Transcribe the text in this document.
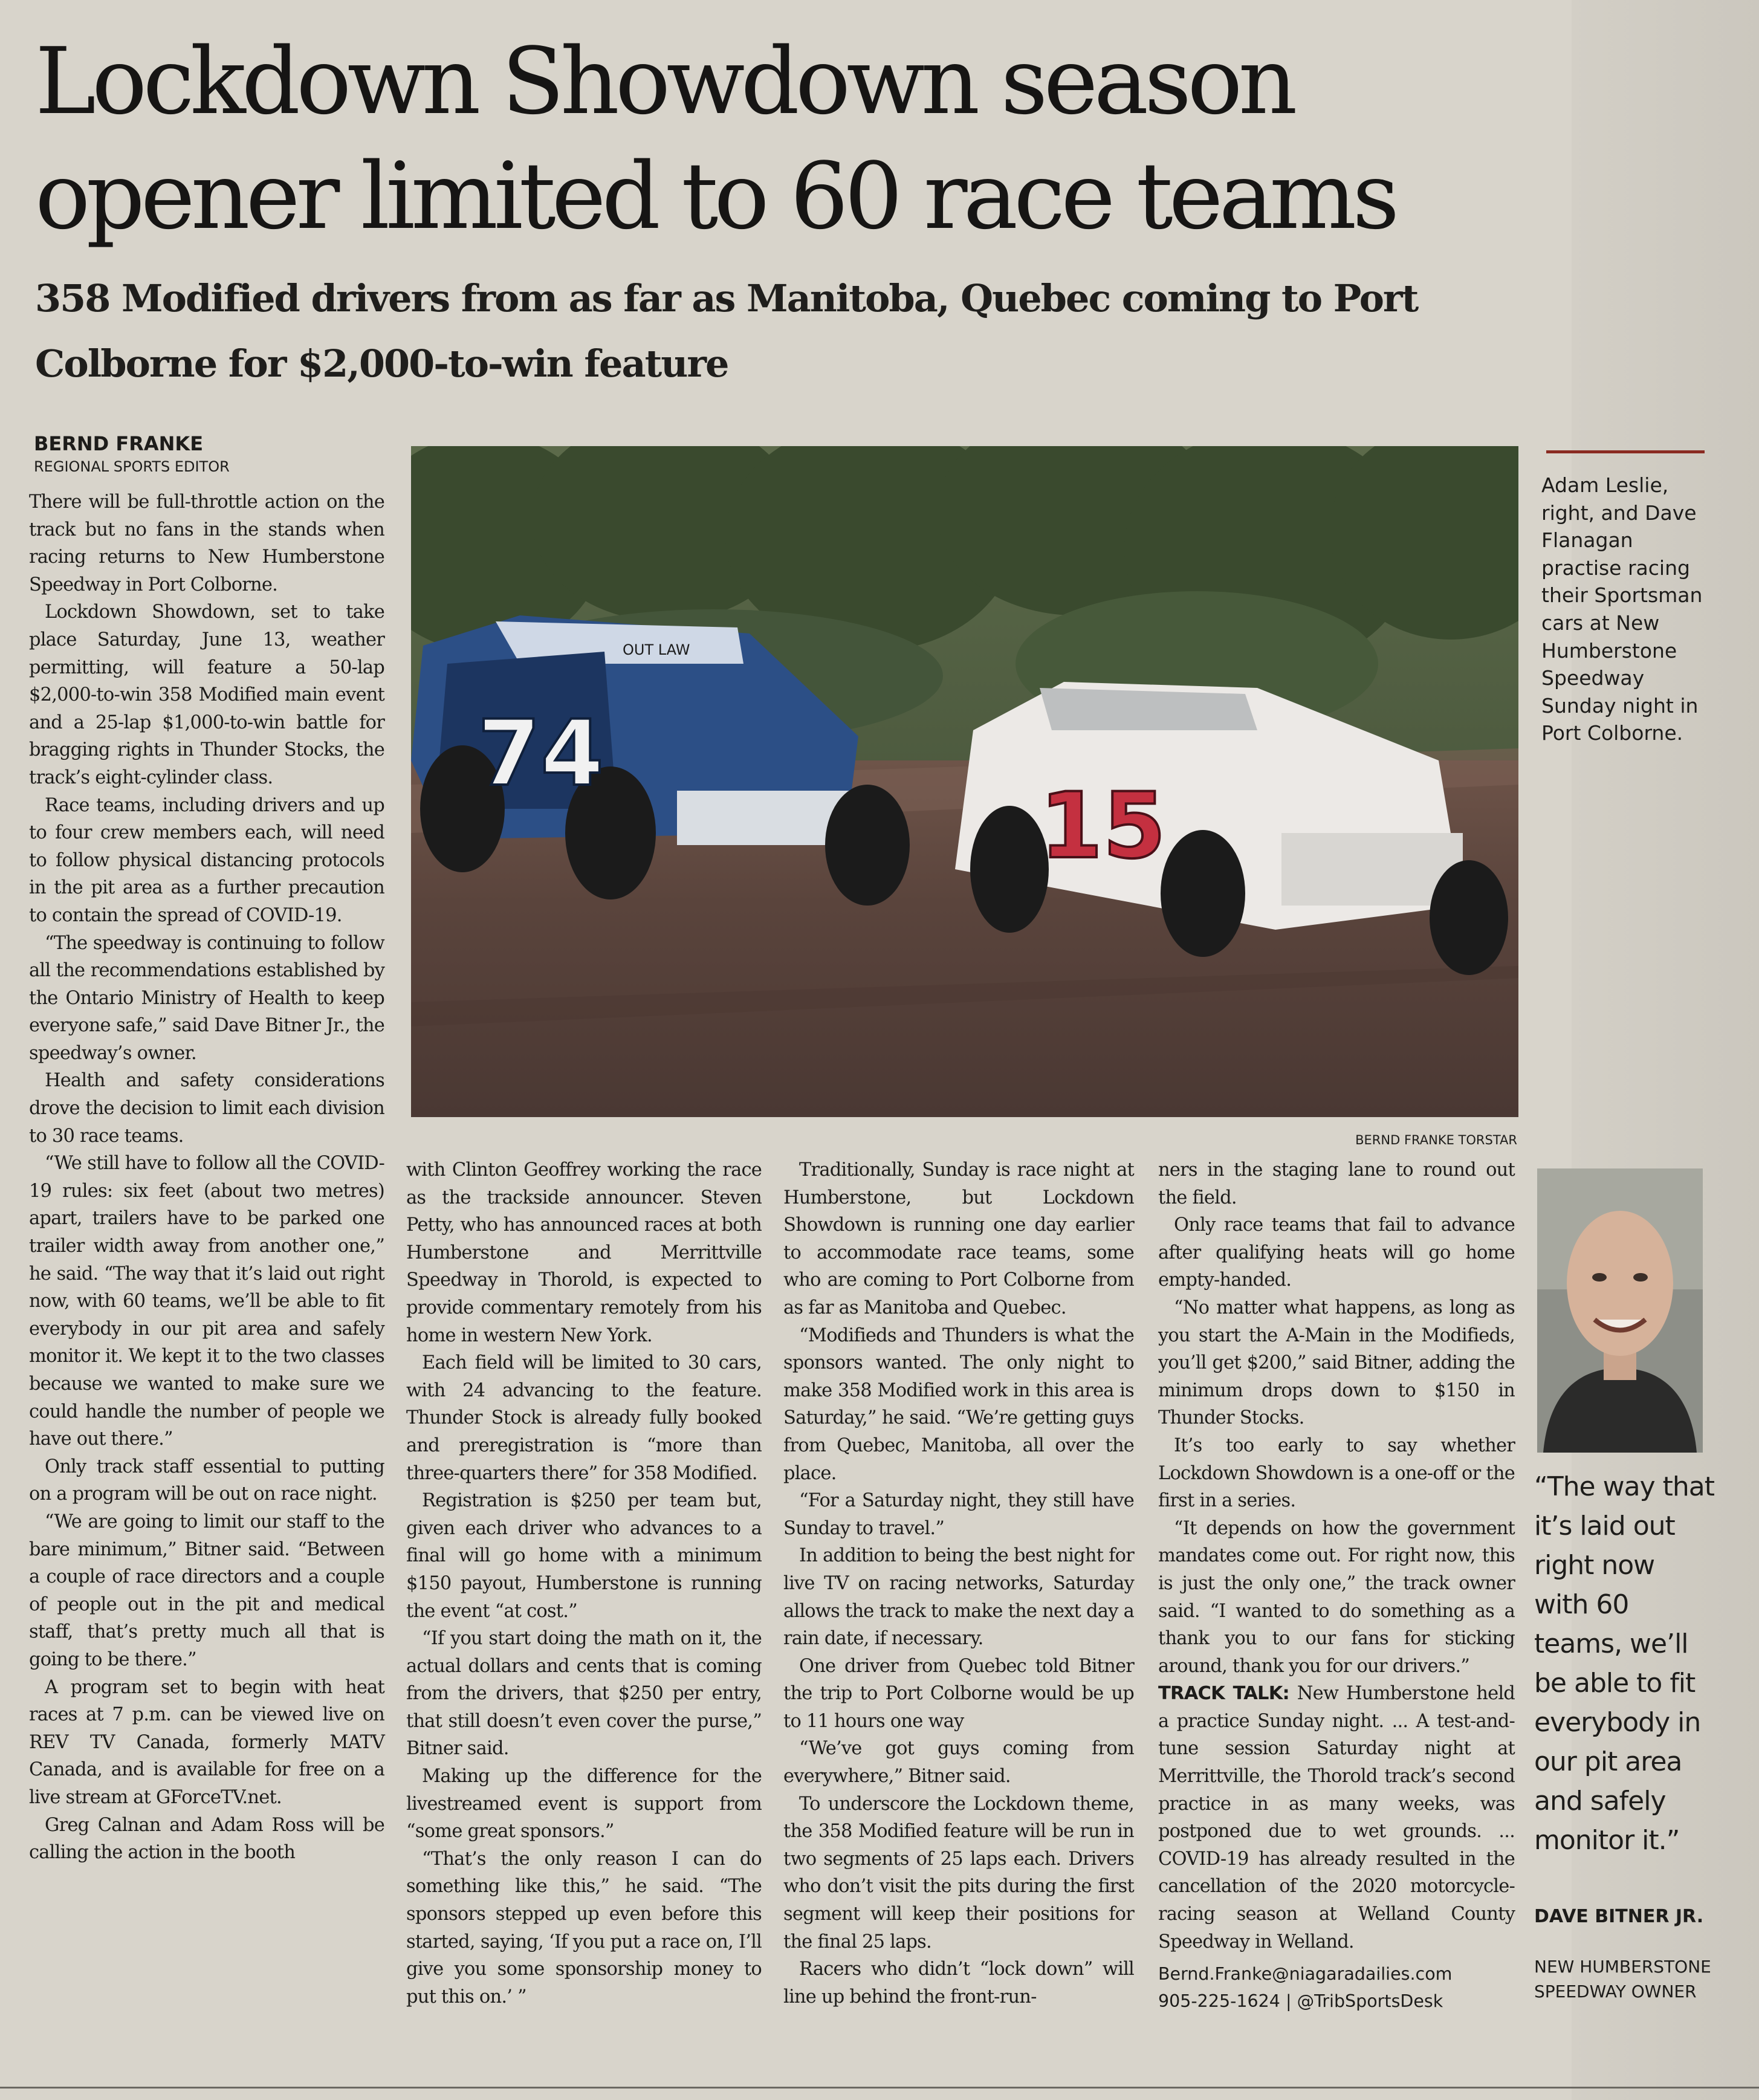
Lockdown Showdown season opener limited to 60 race teams
358 Modified drivers from as far as Manitoba, Quebec coming to Port Colborne for $2,000-to-win feature
BERND FRANKE
REGIONAL SPORTS EDITOR
74
OUT LAW
15
BERND FRANKE TORSTAR
Adam Leslie, right, and Dave Flanagan practise racing their Sportsman cars at New Humberstone Speedway Sunday night in Port Colborne.

There will be full-throttle action on the track but no fans in the stands when racing returns to New Humberstone Speedway in Port Colborne.

Lockdown Showdown, set to take place Saturday, June 13, weather permitting, will feature a 50-lap $2,000-to-win 358 Modified main event and a 25-lap $1,000-to-win battle for bragging rights in Thunder Stocks, the track’s eight-cylinder class.

Race teams, including drivers and up to four crew members each, will need to follow physical distancing protocols in the pit area as a further precaution to contain the spread of COVID-19.

“The speedway is continuing to follow all the recommendations established by the Ontario Ministry of Health to keep everyone safe,” said Dave Bitner Jr., the speedway’s owner.

Health and safety considerations drove the decision to limit each division to 30 race teams.

“We still have to follow all the COVID-19 rules: six feet (about two metres) apart, trailers have to be parked one trailer width away from another one,” he said. “The way that it’s laid out right now, with 60 teams, we’ll be able to fit everybody in our pit area and safely monitor it. We kept it to the two classes because we wanted to make sure we could handle the number of people we have out there.”

Only track staff essential to putting on a program will be out on race night.

“We are going to limit our staff to the bare minimum,” Bitner said. “Between a couple of race directors and a couple of people out in the pit and medical staff, that’s pretty much all that is going to be there.”

A program set to begin with heat races at 7 p.m. can be viewed live on REV TV Canada, formerly MATV Canada, and is available for free on a live stream at GForceTV.net.

Greg Calnan and Adam Ross will be calling the action in the booth

with Clinton Geoffrey working the race as the trackside announcer. Steven Petty, who has announced races at both Humberstone and Merrittville Speedway in Thorold, is expected to provide commentary remotely from his home in western New York.

Each field will be limited to 30 cars, with 24 advancing to the feature. Thunder Stock is already fully booked and preregistration is “more than three-quarters there” for 358 Modified.

Registration is $250 per team but, given each driver who advances to a final will go home with a minimum $150 payout, Humberstone is running the event “at cost.”

“If you start doing the math on it, the actual dollars and cents that is coming from the drivers, that $250 per entry, that still doesn’t even cover the purse,” Bitner said.

Making up the difference for the livestreamed event is support from “some great sponsors.”

“That’s the only reason I can do something like this,” he said. “The sponsors stepped up even before this started, saying, ‘If you put a race on, I’ll give you some sponsorship money to put this on.’ ”

Traditionally, Sunday is race night at Humberstone, but Lockdown Showdown is running one day earlier to accommodate race teams, some who are coming to Port Colborne from as far as Manitoba and Quebec.

“Modifieds and Thunders is what the sponsors wanted. The only night to make 358 Modified work in this area is Saturday,” he said. “We’re getting guys from Quebec, Manitoba, all over the place.

“For a Saturday night, they still have Sunday to travel.”

In addition to being the best night for live TV on racing networks, Saturday allows the track to make the next day a rain date, if necessary.

One driver from Quebec told Bitner the trip to Port Colborne would be up to 11 hours one way

“We’ve got guys coming from everywhere,” Bitner said.

To underscore the Lockdown theme, the 358 Modified feature will be run in two segments of 25 laps each. Drivers who don’t visit the pits during the first segment will keep their positions for the final 25 laps.

Racers who didn’t “lock down” will line up behind the front-run-

ners in the staging lane to round out the field.

Only race teams that fail to advance after qualifying heats will go home empty-handed.

“No matter what happens, as long as you start the A-Main in the Modifieds, you’ll get $200,” said Bitner, adding the minimum drops down to $150 in Thunder Stocks.

It’s too early to say whether Lockdown Showdown is a one-off or the first in a series.

“It depends on how the government mandates come out. For right now, this is just the only one,” the track owner said. “I wanted to do something as a thank you to our fans for sticking around, thank you for our drivers.”

TRACK TALK: New Humberstone held a practice Sunday night. ... A test-and-tune session Saturday night at Merrittville, the Thorold track’s second practice in as many weeks, was postponed due to wet grounds. ... COVID-19 has already resulted in the cancellation of the 2020 motorcycle-racing season at Welland County Speedway in Welland.

Bernd.Franke@niagaradailies.com
905-225-1624 | @TribSportsDesk

“The way that it’s laid out right now with 60 teams, we’ll be able to fit everybody in our pit area and safely monitor it.”

DAVE BITNER JR.
NEW HUMBERSTONE SPEEDWAY OWNER
